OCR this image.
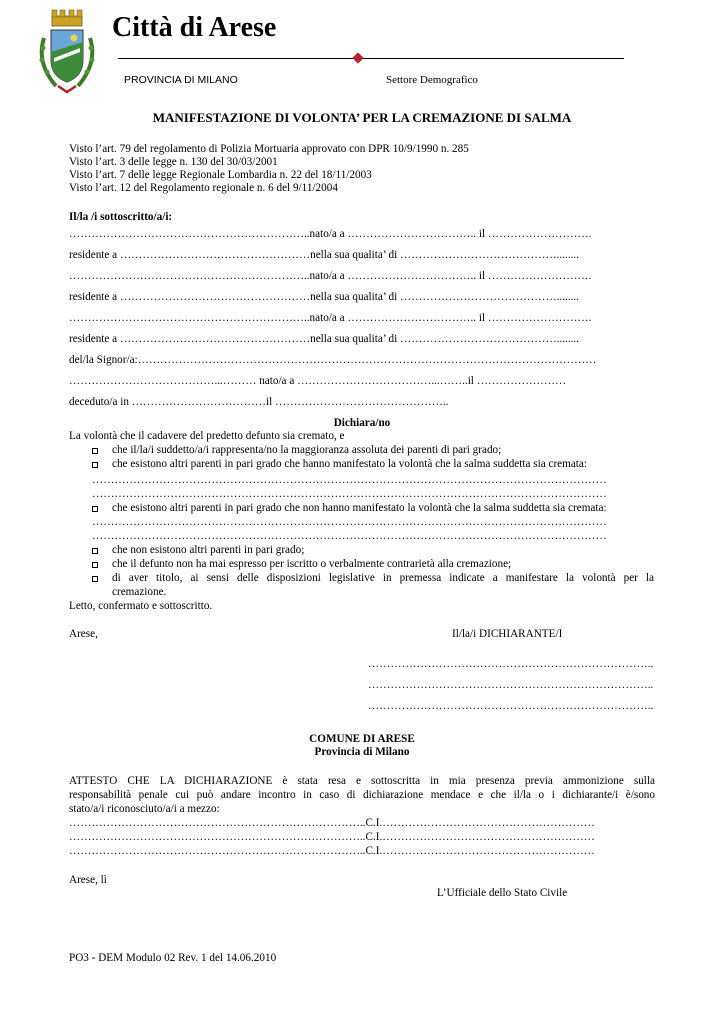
Città di Arese
PROVINCIA DI MILANO	Settore Demografico
MANIFESTAZIONE DI VOLONTA’ PER LA CREMAZIONE DI SALMA
Visto l’art. 79 del regolamento di Polizia Mortuaria approvato con DPR 10/9/1990 n. 285
Visto l’art. 3 delle legge n. 130 del 30/03/2001
Visto l’art. 7 delle legge Regionale Lombardia n. 22 del 18/11/2003
Visto l’art. 12 del Regolamento regionale n. 6 del 9/11/2004
Il/la /i sottoscritto/a/i:
………………………………………………………..nato/a a …………………………….. il ……………………….
residente a ……………………………………………nella sua qualita’ di ……………………………………........
………………………………………………………..nato/a a …………………………….. il ……………………….
residente a ……………………………………………nella sua qualita’ di ……………………………………........
………………………………………………………..nato/a a …………………………….. il ……………………….
residente a ……………………………………………nella sua qualita’ di ……………………………………........
del/la Signor/a:……………………………………………………………………………………………………………
…………………………………...……… nato/a a ………………………………...……..il ……………………
deceduto/a in ………………………………il ………………………………………..
Dichiara/no
La volontà che il cadavere del predetto defunto sia cremato, e
che il/la/i suddetto/a/i rappresenta/no la maggioranza assoluta dei parenti di pari grado;
che esistono altri parenti in pari grado che hanno manifestato la volontà che la salma suddetta sia cremata:
…………………………………………………………………………………………………………………………
…………………………………………………………………………………………………………………………
che esistono altri parenti in pari grado che non hanno manifestato la volontà che la salma suddetta sia cremata:
…………………………………………………………………………………………………………………………
…………………………………………………………………………………………………………………………
che non esistono altri parenti in pari grado;
che il defunto non ha mai espresso per iscritto o verbalmente contrarietà alla cremazione;
di aver titolo, ai sensi delle disposizioni legislative in premessa indicate a manifestare la volontà per la
cremazione.
Letto, confermato e sottoscritto.
Arese,	Il/la/i DICHIARANTE/I
…………………………………………………………………..
…………………………………………………………………..
…………………………………………………………………..
COMUNE DI ARESE
Provincia di Milano
ATTESTO CHE LA DICHIARAZIONE è stata resa e sottoscritta in mia presenza previa ammonizione sulla
responsabilità penale cui può andare incontro in caso di dichiarazione mendace e che il/la o i dichiarante/i è/sono
stato/a/i riconosciuto/a/i a mezzo:
……………………………………………………………………..C.I.…………………………………………………
……………………………………………………………………..C.I.…………………………………………………
……………………………………………………………………..C.I.…………………………………………………
Arese, lì
L’Ufficiale dello Stato Civile
PO3 - DEM Modulo 02 Rev. 1 del 14.06.2010
